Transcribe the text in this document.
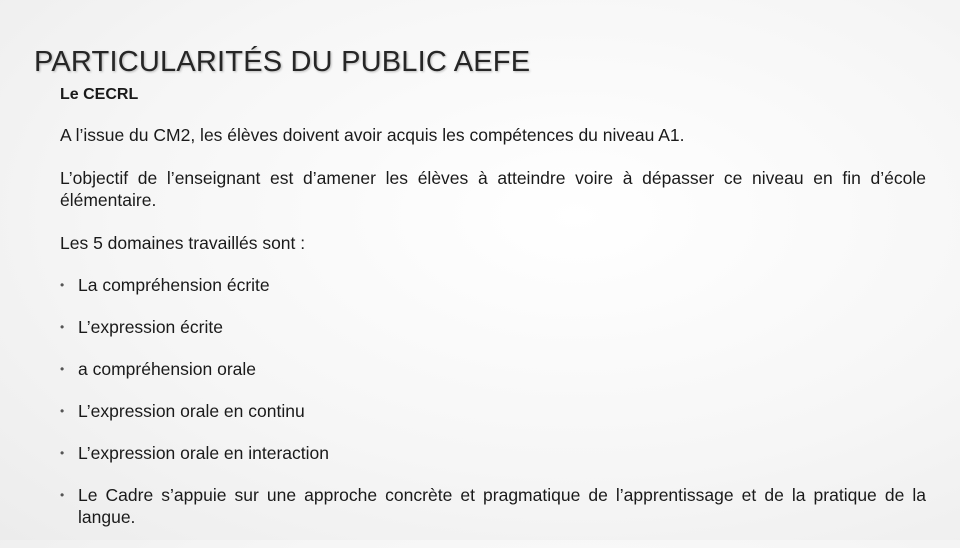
PARTICULARITÉS DU PUBLIC AEFE

Le CECRL

A l’issue du CM2, les élèves doivent avoir acquis les compétences du niveau A1.

L’objectif de l’enseignant est d’amener les élèves à atteindre voire à dépasser ce niveau en fin d’école élémentaire.

Les 5 domaines travaillés sont :

• La compréhension écrite
• L’expression écrite
• a compréhension orale
• L’expression orale en continu
• L’expression orale en interaction
• Le Cadre s’appuie sur une approche concrète et pragmatique de l’apprentissage et de la pratique de la langue.
